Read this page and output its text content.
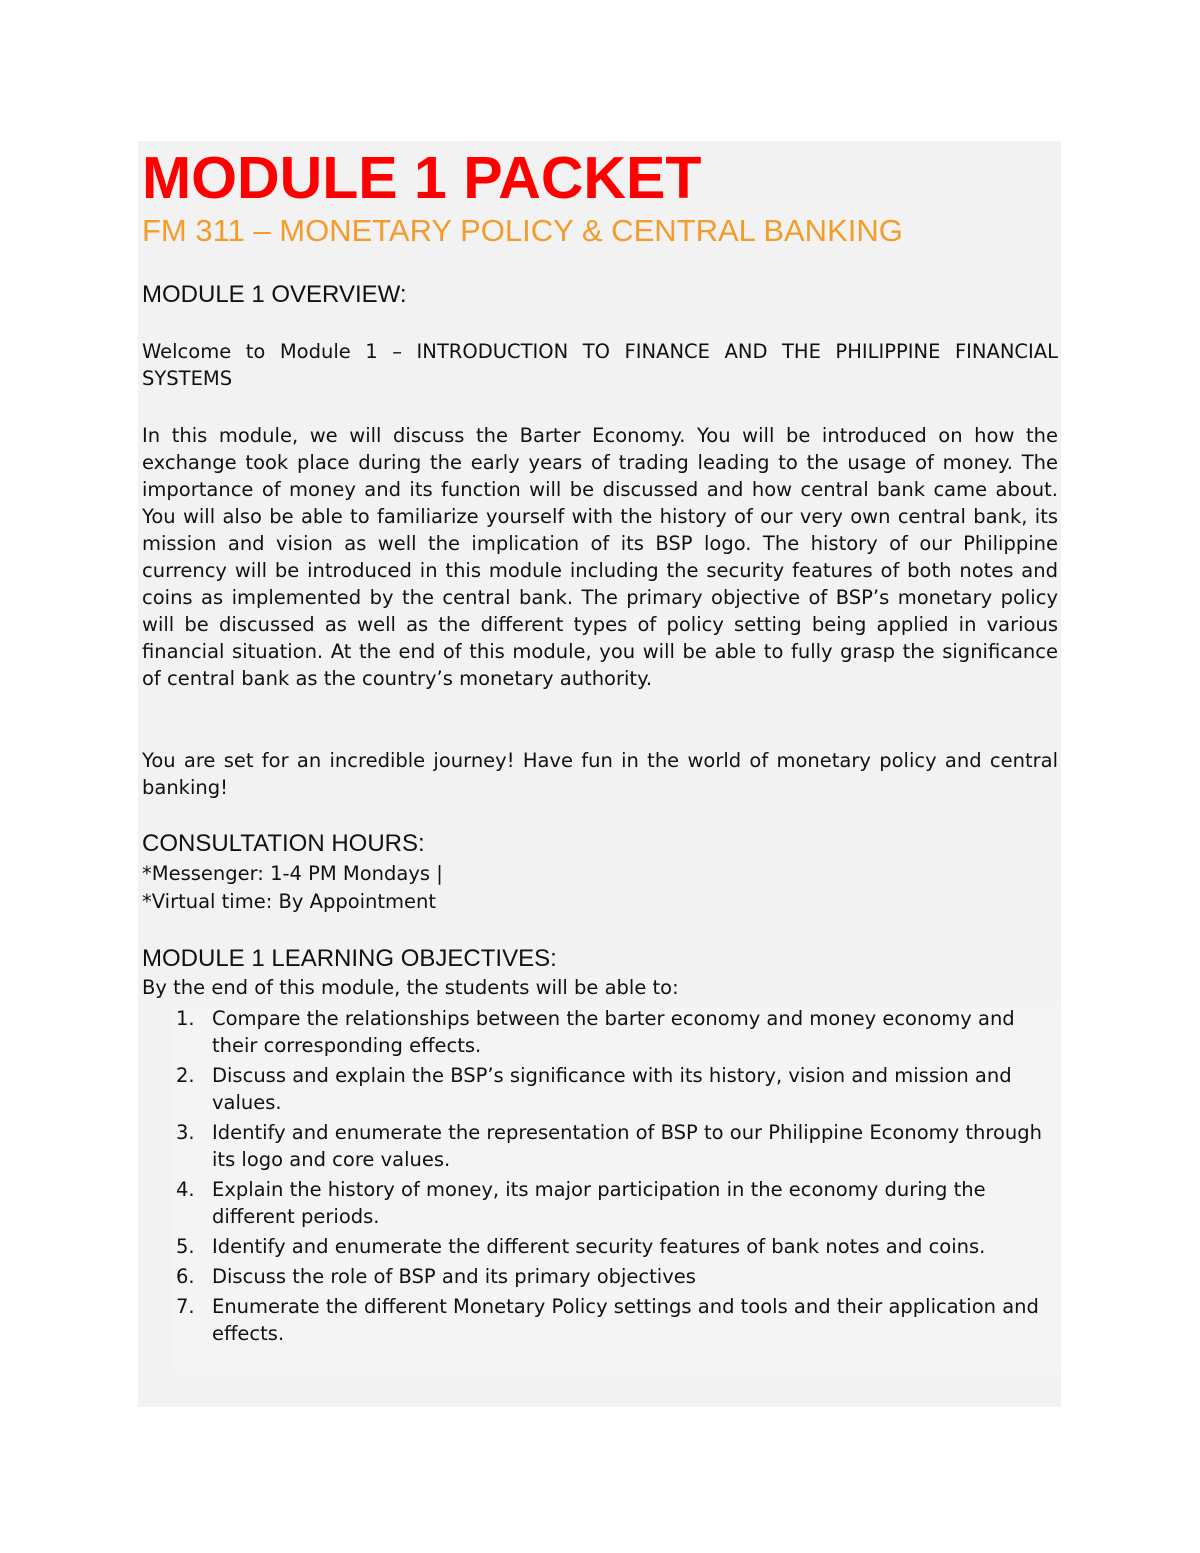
MODULE 1 PACKET
FM 311 – MONETARY POLICY & CENTRAL BANKING
MODULE 1 OVERVIEW:

Welcome to Module 1 – INTRODUCTION TO FINANCE AND THE PHILIPPINE FINANCIAL SYSTEMS

In this module, we will discuss the Barter Economy. You will be introduced on how the exchange took place during the early years of trading leading to the usage of money. The importance of money and its function will be discussed and how central bank came about. You will also be able to familiarize yourself with the history of our very own central bank, its mission and vision as well the implication of its BSP logo. The history of our Philippine currency will be introduced in this module including the security features of both notes and coins as implemented by the central bank. The primary objective of BSP’s monetary policy will be discussed as well as the different types of policy setting being applied in various financial situation. At the end of this module, you will be able to fully grasp the significance of central bank as the country’s monetary authority.

You are set for an incredible journey! Have fun in the world of monetary policy and central banking!

CONSULTATION HOURS:

*Messenger: 1-4 PM Mondays |

*Virtual time: By Appointment

MODULE 1 LEARNING OBJECTIVES:

By the end of this module, the students will be able to:

1. Compare the relationships between the barter economy and money economy and their corresponding effects.
2. Discuss and explain the BSP’s significance with its history, vision and mission and values.
3. Identify and enumerate the representation of BSP to our Philippine Economy through its logo and core values.
4. Explain the history of money, its major participation in the economy during the different periods.
5. Identify and enumerate the different security features of bank notes and coins.
6. Discuss the role of BSP and its primary objectives
7. Enumerate the different Monetary Policy settings and tools and their application and effects.
